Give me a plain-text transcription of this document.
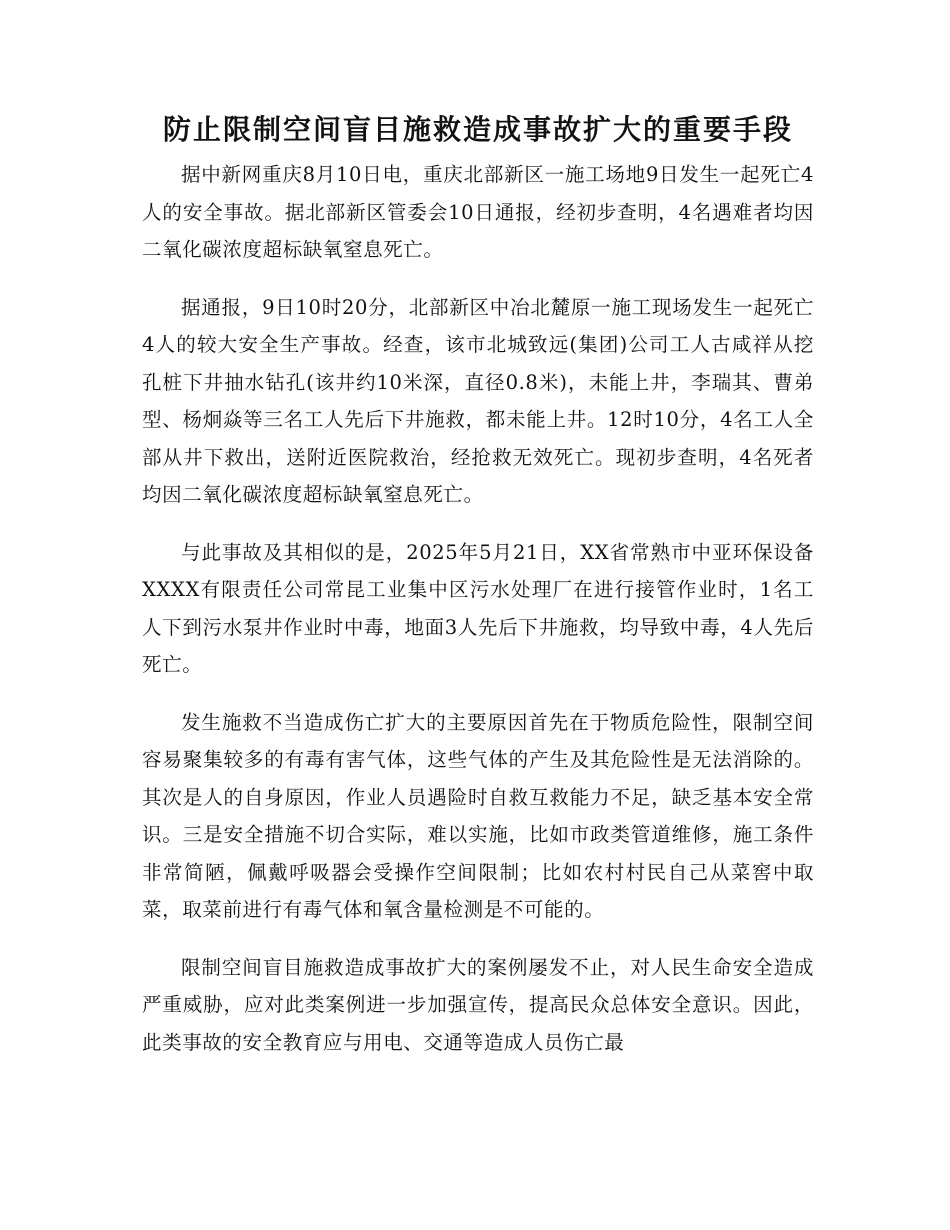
防止限制空间盲目施救造成事故扩大的重要手段

据中新网重庆8月10日电，重庆北部新区一施工场地9日发生一起死亡4人的安全事故。据北部新区管委会10日通报，经初步查明，4名遇难者均因二氧化碳浓度超标缺氧窒息死亡。

据通报，9日10时20分，北部新区中冶北麓原一施工现场发生一起死亡4人的较大安全生产事故。经查，该市北城致远(集团)公司工人古咸祥从挖孔桩下井抽水钻孔(该井约10米深，直径0.8米)，未能上井，李瑞其、曹弟型、杨炯焱等三名工人先后下井施救，都未能上井。12时10分，4名工人全部从井下救出，送附近医院救治，经抢救无效死亡。现初步查明，4名死者均因二氧化碳浓度超标缺氧窒息死亡。

与此事故及其相似的是，2025年5月21日，XX省常熟市中亚环保设备XXXX有限责任公司常昆工业集中区污水处理厂在进行接管作业时，1名工人下到污水泵井作业时中毒，地面3人先后下井施救，均导致中毒，4人先后死亡。

发生施救不当造成伤亡扩大的主要原因首先在于物质危险性，限制空间容易聚集较多的有毒有害气体，这些气体的产生及其危险性是无法消除的。其次是人的自身原因，作业人员遇险时自救互救能力不足，缺乏基本安全常识。三是安全措施不切合实际，难以实施，比如市政类管道维修，施工条件非常简陋，佩戴呼吸器会受操作空间限制；比如农村村民自己从菜窖中取菜，取菜前进行有毒气体和氧含量检测是不可能的。

限制空间盲目施救造成事故扩大的案例屡发不止，对人民生命安全造成严重威胁，应对此类案例进一步加强宣传，提高民众总体安全意识。因此，此类事故的安全教育应与用电、交通等造成人员伤亡最
